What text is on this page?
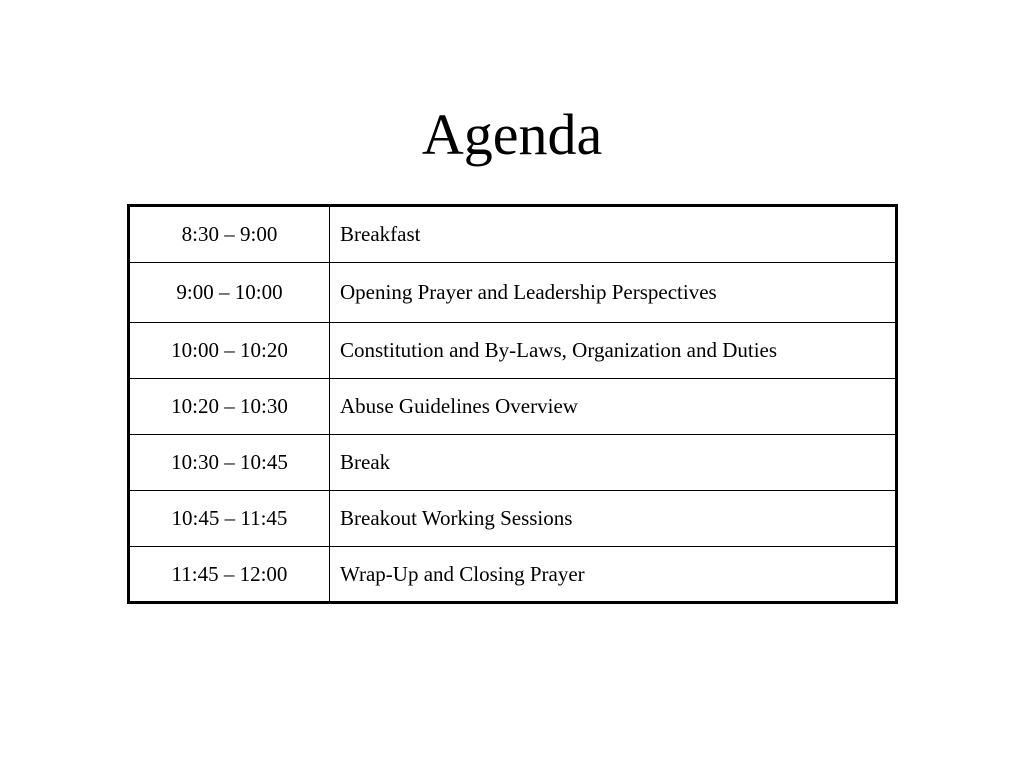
Agenda
8:30 – 9:00	Breakfast
9:00 – 10:00	Opening Prayer and Leadership Perspectives
10:00 – 10:20	Constitution and By-Laws, Organization and Duties
10:20 – 10:30	Abuse Guidelines Overview
10:30 – 10:45	Break
10:45 – 11:45	Breakout Working Sessions
11:45 – 12:00	Wrap-Up and Closing Prayer
